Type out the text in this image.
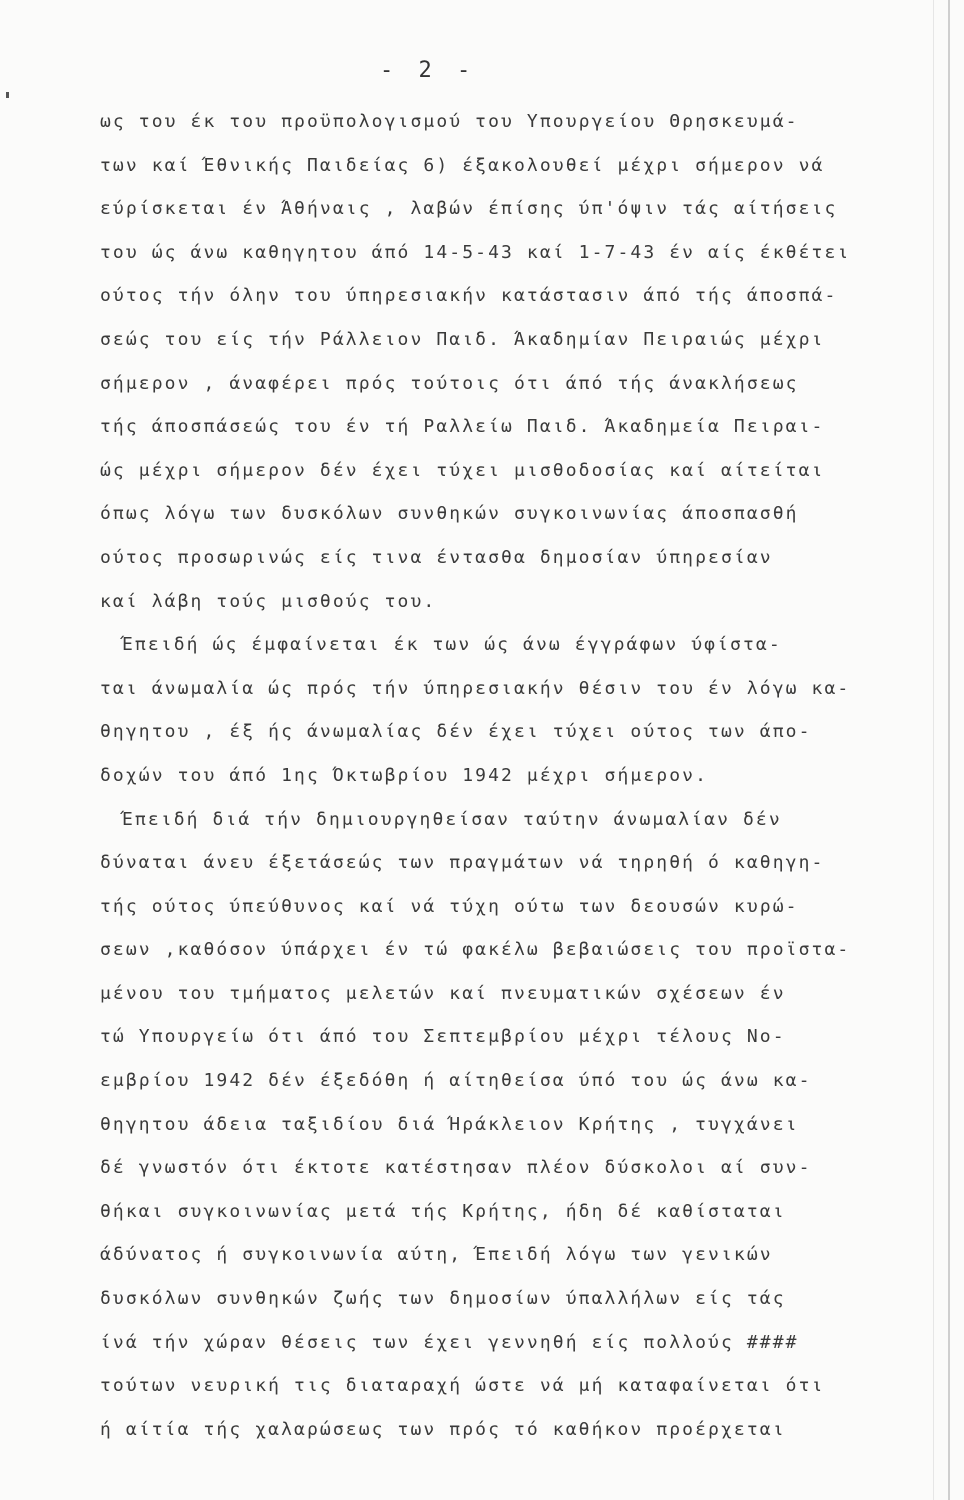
- 2 -
ως του έκ του προϋπολογισμού του Υπουργείου Θρησκευμά-
των καί Έθνικής Παιδείας 6) έξακολουθεί μέχρι σήμερον νά
εύρίσκεται έν Άθήναις , λαβών έπίσης ύπ'όψιν τάς αίτήσεις
του ώς άνω καθηγητου άπό 14-5-43 καί 1-7-43 έν αίς έκθέτει
ούτος τήν όλην του ύπηρεσιακήν κατάστασιν άπό τής άποσπά-
σεώς του είς τήν Ράλλειον Παιδ. Άκαδημίαν Πειραιώς μέχρι
σήμερον , άναφέρει πρός τούτοις ότι άπό τής άνακλήσεως
τής άποσπάσεώς του έν τή Ραλλείω Παιδ. Άκαδημεία Πειραι-
ώς μέχρι σήμερον δέν έχει τύχει μισθοδοσίας καί αίτείται
όπως λόγω των δυσκόλων συνθηκών συγκοινωνίας άποσπασθή
ούτος προσωρινώς είς τινα έντασθα δημοσίαν ύπηρεσίαν
καί λάβη τούς μισθούς του.
Έπειδή ώς έμφαίνεται έκ των ώς άνω έγγράφων ύφίστα-
ται άνωμαλία ώς πρός τήν ύπηρεσιακήν θέσιν του έν λόγω κα-
θηγητου , έξ ής άνωμαλίας δέν έχει τύχει ούτος των άπο-
δοχών του άπό 1ης Όκτωβρίου 1942 μέχρι σήμερον.
Έπειδή διά τήν δημιουργηθείσαν ταύτην άνωμαλίαν δέν
δύναται άνευ έξετάσεώς των πραγμάτων νά τηρηθή ό καθηγη-
τής ούτος ύπεύθυνος καί νά τύχη ούτω των δεουσών κυρώ-
σεων ,καθόσον ύπάρχει έν τώ φακέλω βεβαιώσεις του προϊστα-
μένου του τμήματος μελετών καί πνευματικών σχέσεων έν
τώ Υπουργείω ότι άπό του Σεπτεμβρίου μέχρι τέλους Νο-
εμβρίου 1942 δέν έξεδόθη ή αίτηθείσα ύπό του ώς άνω κα-
θηγητου άδεια ταξιδίου διά Ήράκλειον Κρήτης , τυγχάνει
δέ γνωστόν ότι έκτοτε κατέστησαν πλέον δύσκολοι αί συν-
θήκαι συγκοινωνίας μετά τής Κρήτης, ήδη δέ καθίσταται
άδύνατος ή συγκοινωνία αύτη, Έπειδή λόγω των γενικών
δυσκόλων συνθηκών ζωής των δημοσίων ύπαλλήλων είς τάς
ίνά τήν χώραν θέσεις των έχει γεννηθή είς πολλούς ####
τούτων νευρική τις διαταραχή ώστε νά μή καταφαίνεται ότι
ή αίτία τής χαλαρώσεως των πρός τό καθήκον προέρχεται
